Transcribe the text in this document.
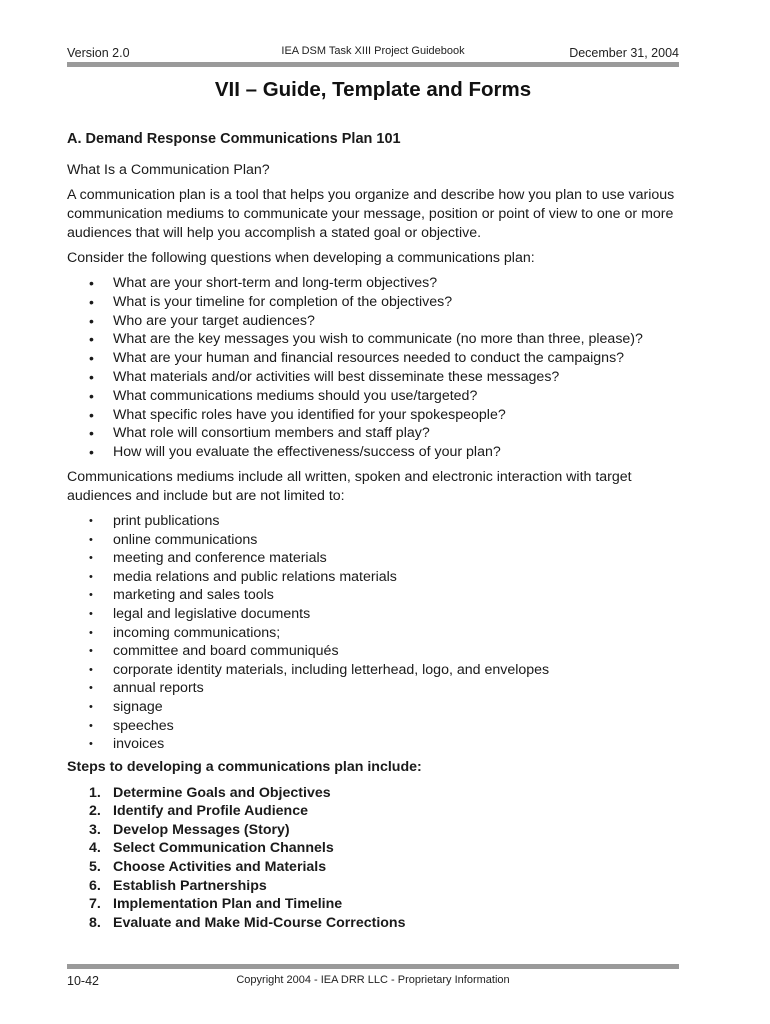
Version 2.0	IEA DSM Task XIII Project Guidebook	December 31, 2004
VII – Guide, Template and Forms
A. Demand Response Communications Plan 101
What Is a Communication Plan?
A communication plan is a tool that helps you organize and describe how you plan to use various communication mediums to communicate your message, position or point of view to one or more audiences that will help you accomplish a stated goal or objective.
Consider the following questions when developing a communications plan:
• What are your short-term and long-term objectives?
• What is your timeline for completion of the objectives?
• Who are your target audiences?
• What are the key messages you wish to communicate (no more than three, please)?
• What are your human and financial resources needed to conduct the campaigns?
• What materials and/or activities will best disseminate these messages?
• What communications mediums should you use/targeted?
• What specific roles have you identified for your spokespeople?
• What role will consortium members and staff play?
• How will you evaluate the effectiveness/success of your plan?
Communications mediums include all written, spoken and electronic interaction with target audiences and include but are not limited to:
• print publications
• online communications
• meeting and conference materials
• media relations and public relations materials
• marketing and sales tools
• legal and legislative documents
• incoming communications;
• committee and board communiqués
• corporate identity materials, including letterhead, logo, and envelopes
• annual reports
• signage
• speeches
• invoices
Steps to developing a communications plan include:
1. Determine Goals and Objectives
2. Identify and Profile Audience
3. Develop Messages (Story)
4. Select Communication Channels
5. Choose Activities and Materials
6. Establish Partnerships
7. Implementation Plan and Timeline
8. Evaluate and Make Mid-Course Corrections
10-42	Copyright 2004 - IEA DRR LLC - Proprietary Information
